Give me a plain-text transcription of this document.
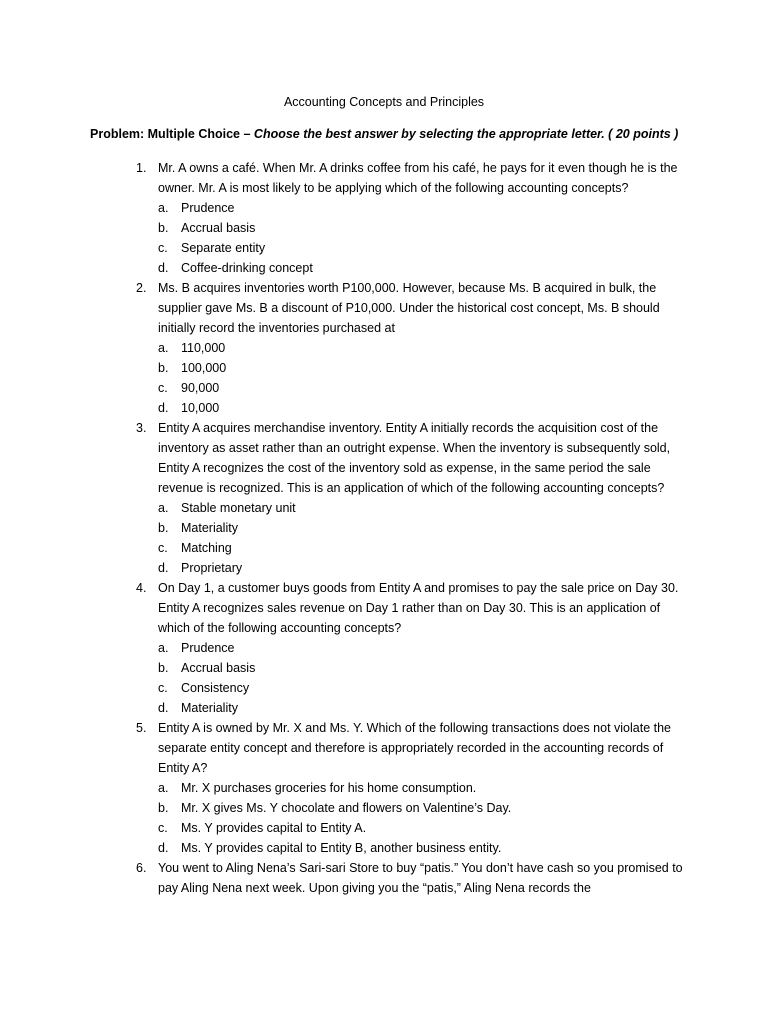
Accounting Concepts and Principles
Problem: Multiple Choice – Choose the best answer by selecting the appropriate letter. ( 20 points )
1. Mr. A owns a café. When Mr. A drinks coffee from his café, he pays for it even though he is the owner. Mr. A is most likely to be applying which of the following accounting concepts?
a.	Prudence
b.	Accrual basis
c.	Separate entity
d.	Coffee-drinking concept
2. Ms. B acquires inventories worth P100,000. However, because Ms. B acquired in bulk, the supplier gave Ms. B a discount of P10,000. Under the historical cost concept, Ms. B should initially record the inventories purchased at
a.	110,000
b.	100,000
c.	90,000
d.	10,000
3. Entity A acquires merchandise inventory. Entity A initially records the acquisition cost of the inventory as asset rather than an outright expense. When the inventory is subsequently sold, Entity A recognizes the cost of the inventory sold as expense, in the same period the sale revenue is recognized. This is an application of which of the following accounting concepts?
a.	Stable monetary unit
b.	Materiality
c.	Matching
d.	Proprietary
4. On Day 1, a customer buys goods from Entity A and promises to pay the sale price on Day 30. Entity A recognizes sales revenue on Day 1 rather than on Day 30. This is an application of which of the following accounting concepts?
a.	Prudence
b.	Accrual basis
c.	Consistency
d.	Materiality
5. Entity A is owned by Mr. X and Ms. Y. Which of the following transactions does not violate the separate entity concept and therefore is appropriately recorded in the accounting records of Entity A?
a.	Mr. X purchases groceries for his home consumption.
b.	Mr. X gives Ms. Y chocolate and flowers on Valentine’s Day.
c.	Ms. Y provides capital to Entity A.
d.	Ms. Y provides capital to Entity B, another business entity.
6. You went to Aling Nena’s Sari-sari Store to buy “patis.” You don’t have cash so you promised to pay Aling Nena next week. Upon giving you the “patis,” Aling Nena records the
